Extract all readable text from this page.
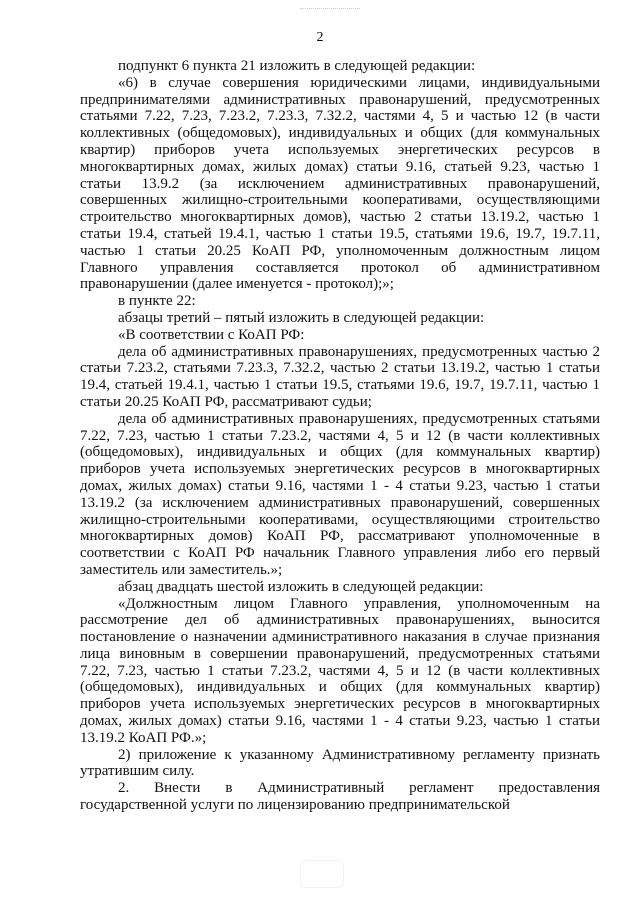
2

подпункт 6 пункта 21 изложить в следующей редакции:

«6) в случае совершения юридическими лицами, индивидуальными предпринимателями административных правонарушений, предусмотренных статьями 7.22, 7.23, 7.23.2, 7.23.3, 7.32.2, частями 4, 5 и частью 12 (в части коллективных (общедомовых), индивидуальных и общих (для коммунальных квартир) приборов учета используемых энергетических ресурсов в многоквартирных домах, жилых домах) статьи 9.16, статьей 9.23, частью 1 статьи 13.9.2 (за исключением административных правонарушений, совершенных жилищно-строительными кооперативами, осуществляющими строительство многоквартирных домов), частью 2 статьи 13.19.2, частью 1 статьи 19.4, статьей 19.4.1, частью 1 статьи 19.5, статьями 19.6, 19.7, 19.7.11, частью 1 статьи 20.25 КоАП РФ, уполномоченным должностным лицом Главного управления составляется протокол об административном правонарушении (далее именуется - протокол);»;

в пункте 22:

абзацы третий – пятый изложить в следующей редакции:

«В соответствии с КоАП РФ:

дела об административных правонарушениях, предусмотренных частью 2 статьи 7.23.2, статьями 7.23.3, 7.32.2, частью 2 статьи 13.19.2, частью 1 статьи 19.4, статьей 19.4.1, частью 1 статьи 19.5, статьями 19.6, 19.7, 19.7.11, частью 1 статьи 20.25 КоАП РФ, рассматривают судьи;

дела об административных правонарушениях, предусмотренных статьями 7.22, 7.23, частью 1 статьи 7.23.2, частями 4, 5 и 12 (в части коллективных (общедомовых), индивидуальных и общих (для коммунальных квартир) приборов учета используемых энергетических ресурсов в многоквартирных домах, жилых домах) статьи 9.16, частями 1 - 4 статьи 9.23, частью 1 статьи 13.19.2 (за исключением административных правонарушений, совершенных жилищно-строительными кооперативами, осуществляющими строительство многоквартирных домов) КоАП РФ, рассматривают уполномоченные в соответствии с КоАП РФ начальник Главного управления либо его первый заместитель или заместитель.»;

абзац двадцать шестой изложить в следующей редакции:

«Должностным лицом Главного управления, уполномоченным на рассмотрение дел об административных правонарушениях, выносится постановление о назначении административного наказания в случае признания лица виновным в совершении правонарушений, предусмотренных статьями 7.22, 7.23, частью 1 статьи 7.23.2, частями 4, 5 и 12 (в части коллективных (общедомовых), индивидуальных и общих (для коммунальных квартир) приборов учета используемых энергетических ресурсов в многоквартирных домах, жилых домах) статьи 9.16, частями 1 - 4 статьи 9.23, частью 1 статьи 13.19.2 КоАП РФ.»;

2) приложение к указанному Административному регламенту признать утратившим силу.

2. Внести в Административный регламент предоставления государственной услуги по лицензированию предпринимательской
